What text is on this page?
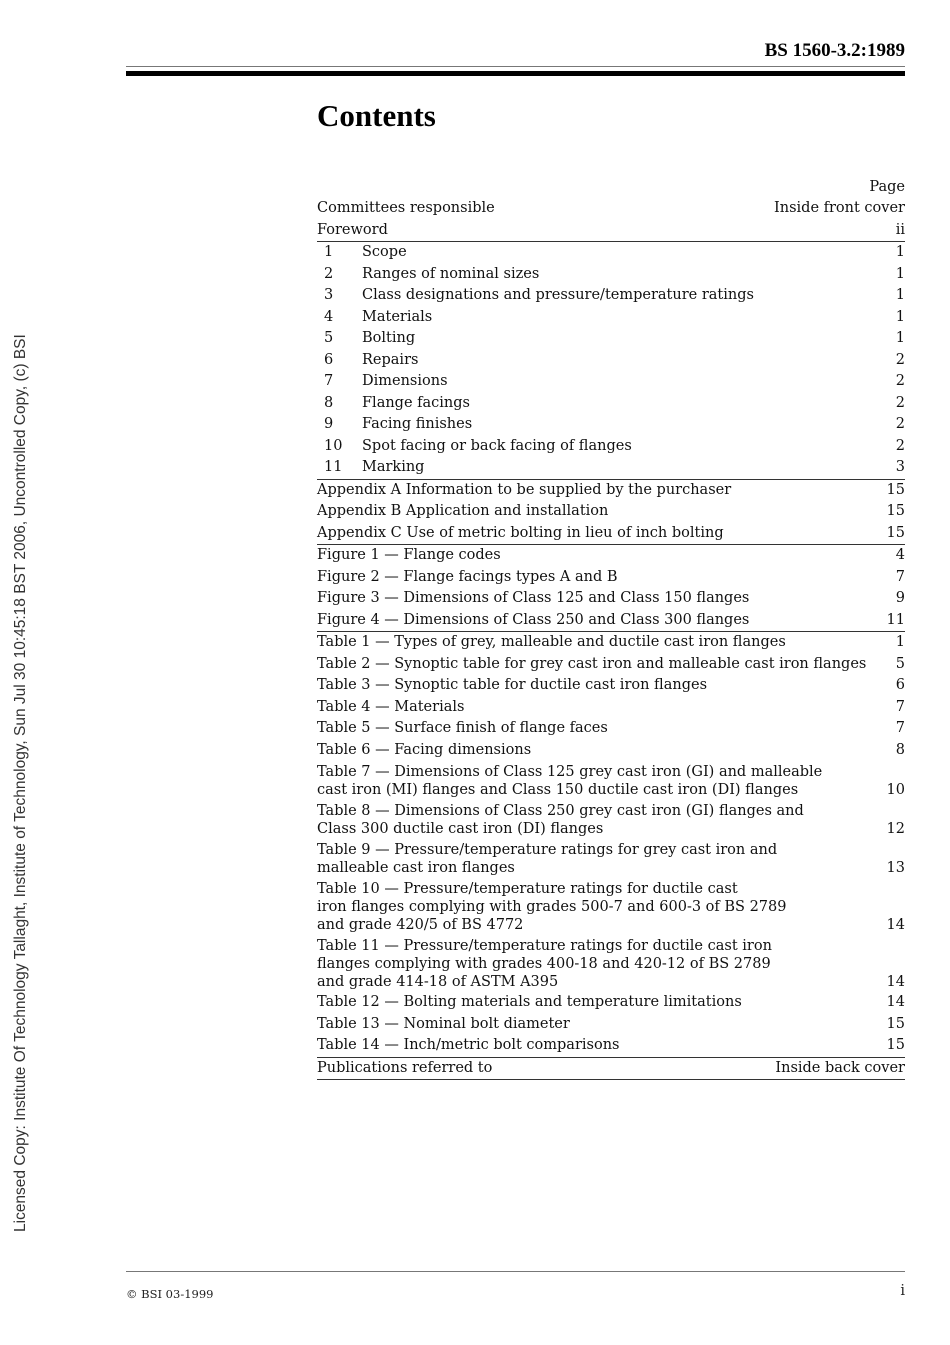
Licensed Copy: Institute Of Technology Tallaght, Institute of Technology, Sun Jul 30 10:45:18 BST 2006, Uncontrolled Copy, (c) BSI
BS 1560-3.2:1989
Contents
Page
Committees responsible	Inside front cover
Foreword	ii
1	Scope	1
2	Ranges of nominal sizes	1
3	Class designations and pressure/temperature ratings	1
4	Materials	1
5	Bolting	1
6	Repairs	2
7	Dimensions	2
8	Flange facings	2
9	Facing finishes	2
10	Spot facing or back facing of flanges	2
11	Marking	3
Appendix A Information to be supplied by the purchaser	15
Appendix B Application and installation	15
Appendix C Use of metric bolting in lieu of inch bolting	15
Figure 1 — Flange codes	4
Figure 2 — Flange facings types A and B	7
Figure 3 — Dimensions of Class 125 and Class 150 flanges	9
Figure 4 — Dimensions of Class 250 and Class 300 flanges	11
Table 1 — Types of grey, malleable and ductile cast iron flanges	1
Table 2 — Synoptic table for grey cast iron and malleable cast iron flanges	5
Table 3 — Synoptic table for ductile cast iron flanges	6
Table 4 — Materials	7
Table 5 — Surface finish of flange faces	7
Table 6 — Facing dimensions	8
Table 7 — Dimensions of Class 125 grey cast iron (GI) and malleable
cast iron (MI) flanges and Class 150 ductile cast iron (DI) flanges	10
Table 8 — Dimensions of Class 250 grey cast iron (GI) flanges and
Class 300 ductile cast iron (DI) flanges	12
Table 9 — Pressure/temperature ratings for grey cast iron and
malleable cast iron flanges	13
Table 10 — Pressure/temperature ratings for ductile cast
iron flanges complying with grades 500-7 and 600-3 of BS 2789
and grade 420/5 of BS 4772	14
Table 11 — Pressure/temperature ratings for ductile cast iron
flanges complying with grades 400-18 and 420-12 of BS 2789
and grade 414-18 of ASTM A395	14
Table 12 — Bolting materials and temperature limitations	14
Table 13 — Nominal bolt diameter	15
Table 14 — Inch/metric bolt comparisons	15
Publications referred to	Inside back cover
© BSI 03-1999	i
